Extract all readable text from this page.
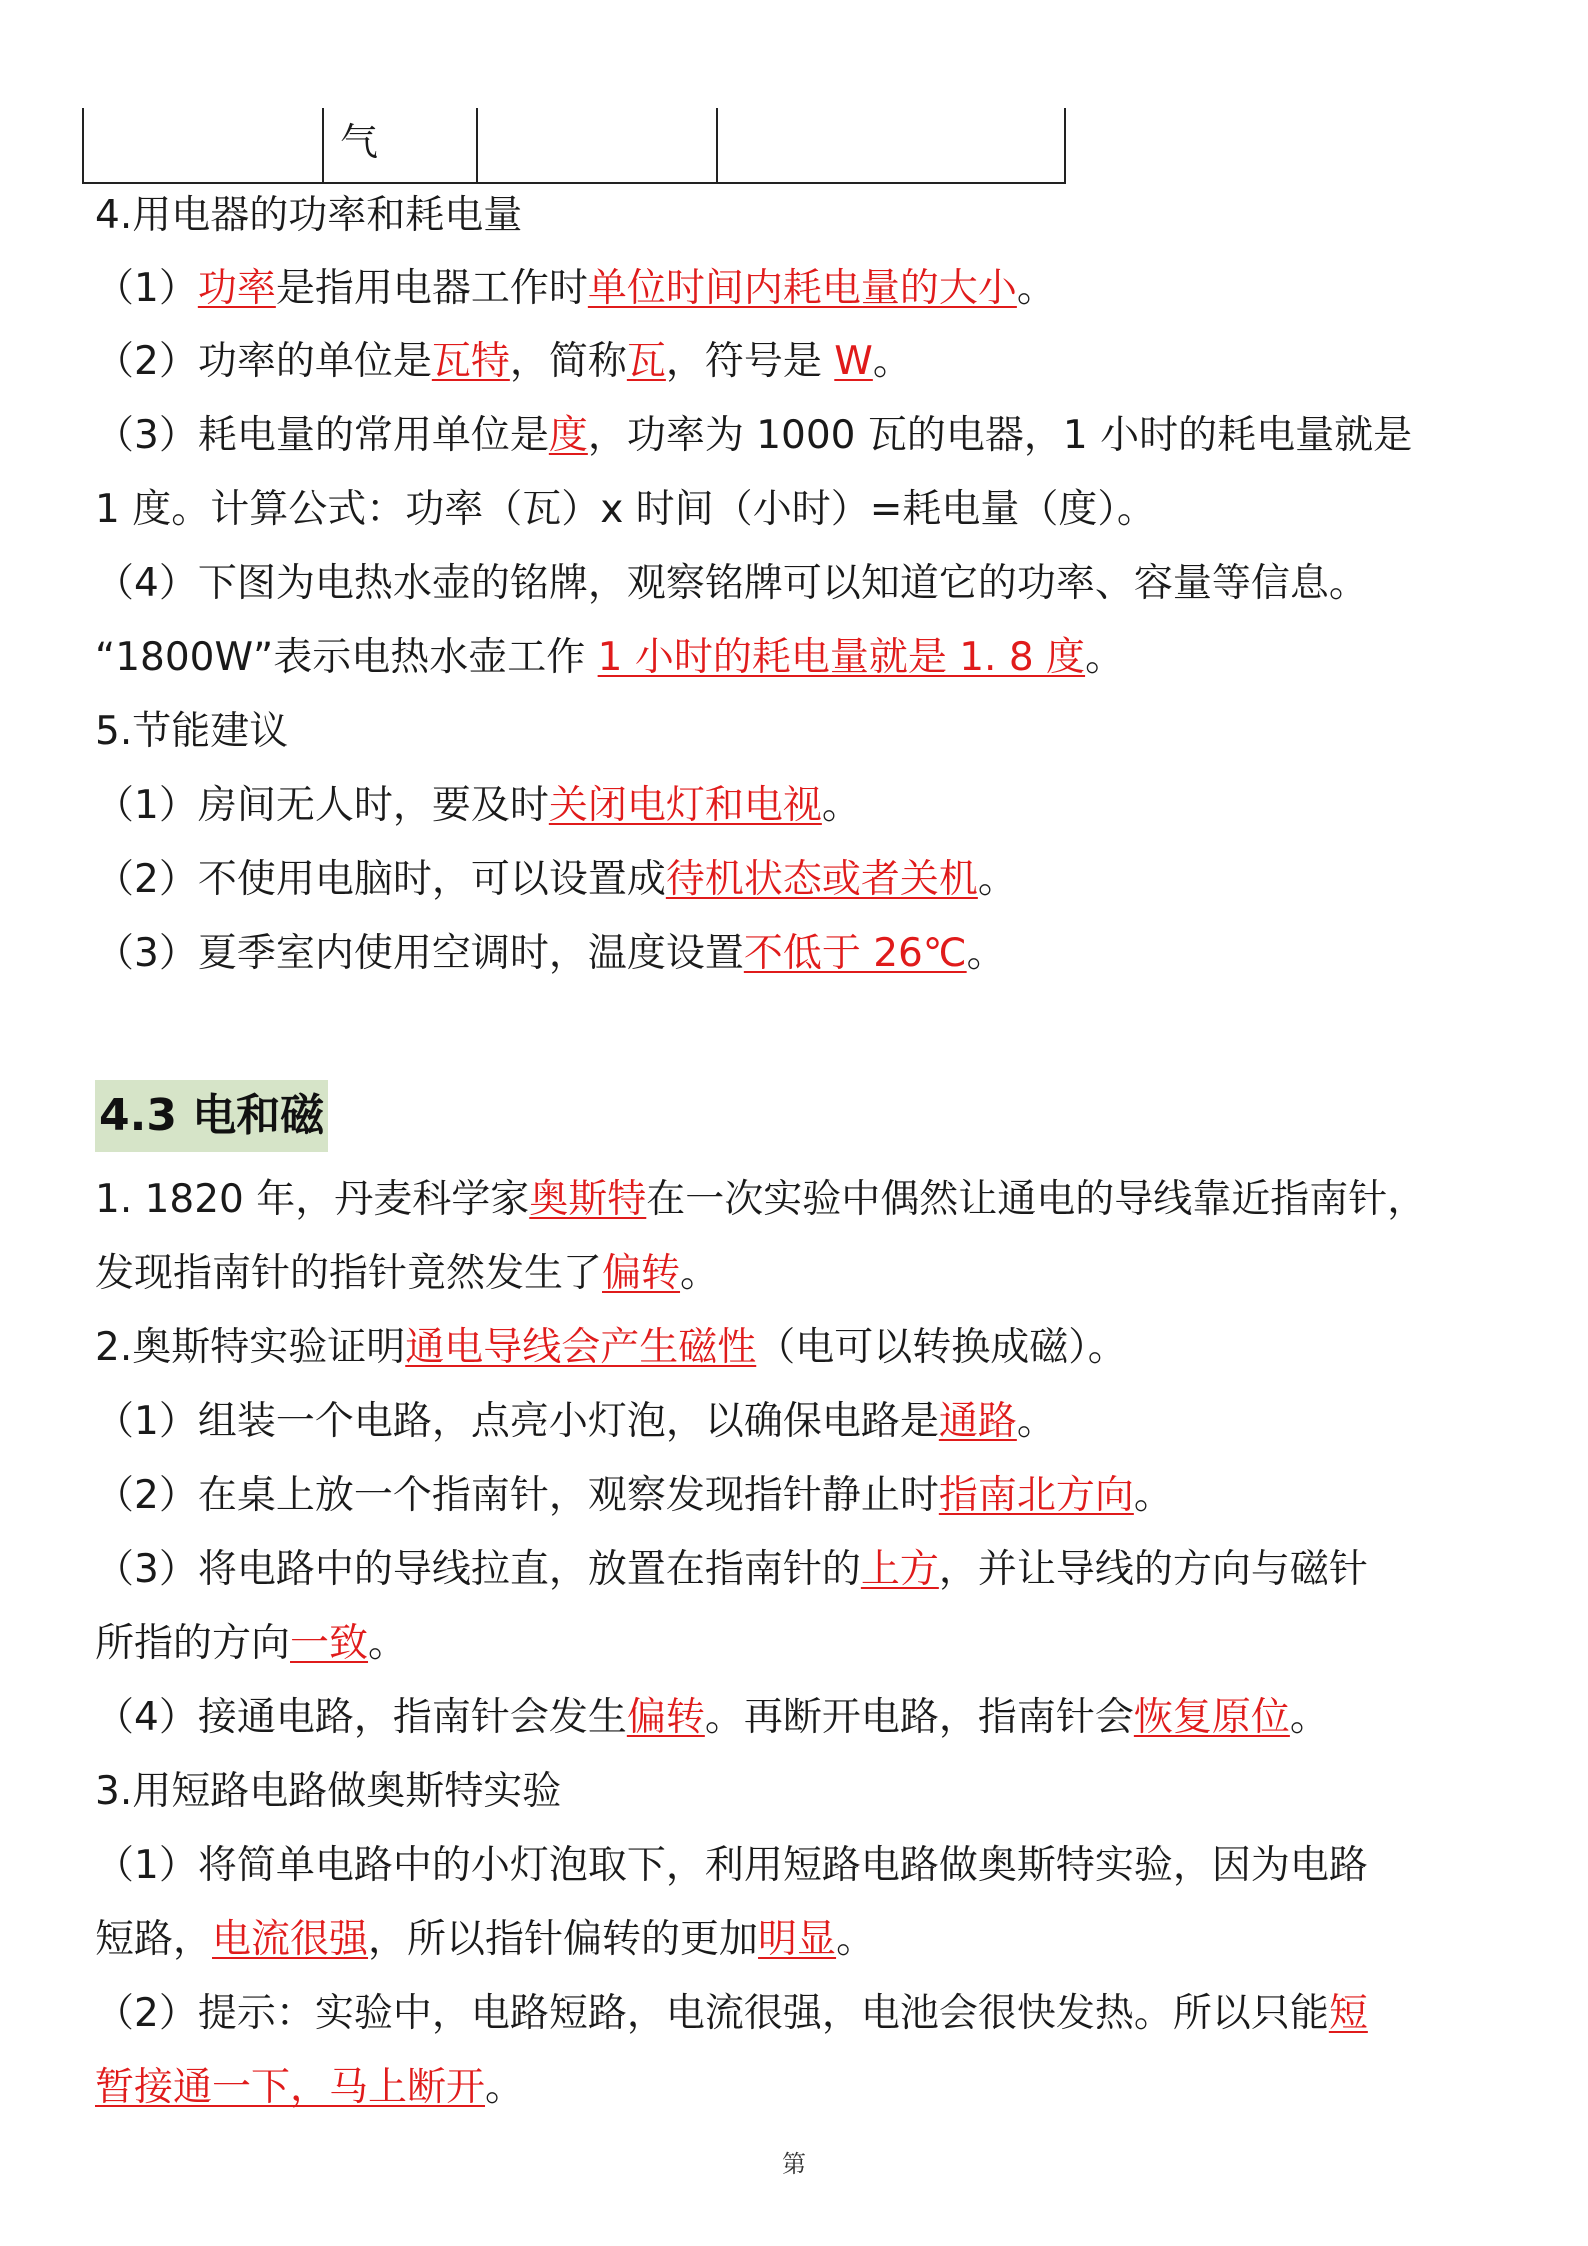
气
4.用电器的功率和耗电量
（1）功率是指用电器工作时单位时间内耗电量的大小。
（2）功率的单位是瓦特，简称瓦，符号是 W。
（3）耗电量的常用单位是度，功率为 1000 瓦的电器，1 小时的耗电量就是
1 度。计算公式：功率（瓦）x 时间（小时）=耗电量（度）。
（4）下图为电热水壶的铭牌，观察铭牌可以知道它的功率、容量等信息。
“1800W”表示电热水壶工作 1 小时的耗电量就是 1. 8 度。
5.节能建议
（1）房间无人时，要及时关闭电灯和电视。
（2）不使用电脑时，可以设置成待机状态或者关机。
（3）夏季室内使用空调时，温度设置不低于 26℃。
4.3 电和磁
1. 1820 年，丹麦科学家奥斯特在一次实验中偶然让通电的导线靠近指南针，
发现指南针的指针竟然发生了偏转。
2.奥斯特实验证明通电导线会产生磁性（电可以转换成磁）。
（1）组装一个电路，点亮小灯泡，以确保电路是通路。
（2）在桌上放一个指南针，观察发现指针静止时指南北方向。
（3）将电路中的导线拉直，放置在指南针的上方，并让导线的方向与磁针
所指的方向一致。
（4）接通电路，指南针会发生偏转。再断开电路，指南针会恢复原位。
3.用短路电路做奥斯特实验
（1）将简单电路中的小灯泡取下，利用短路电路做奥斯特实验，因为电路
短路，电流很强，所以指针偏转的更加明显。
（2）提示：实验中，电路短路，电流很强，电池会很快发热。所以只能短
暂接通一下，马上断开。
第
